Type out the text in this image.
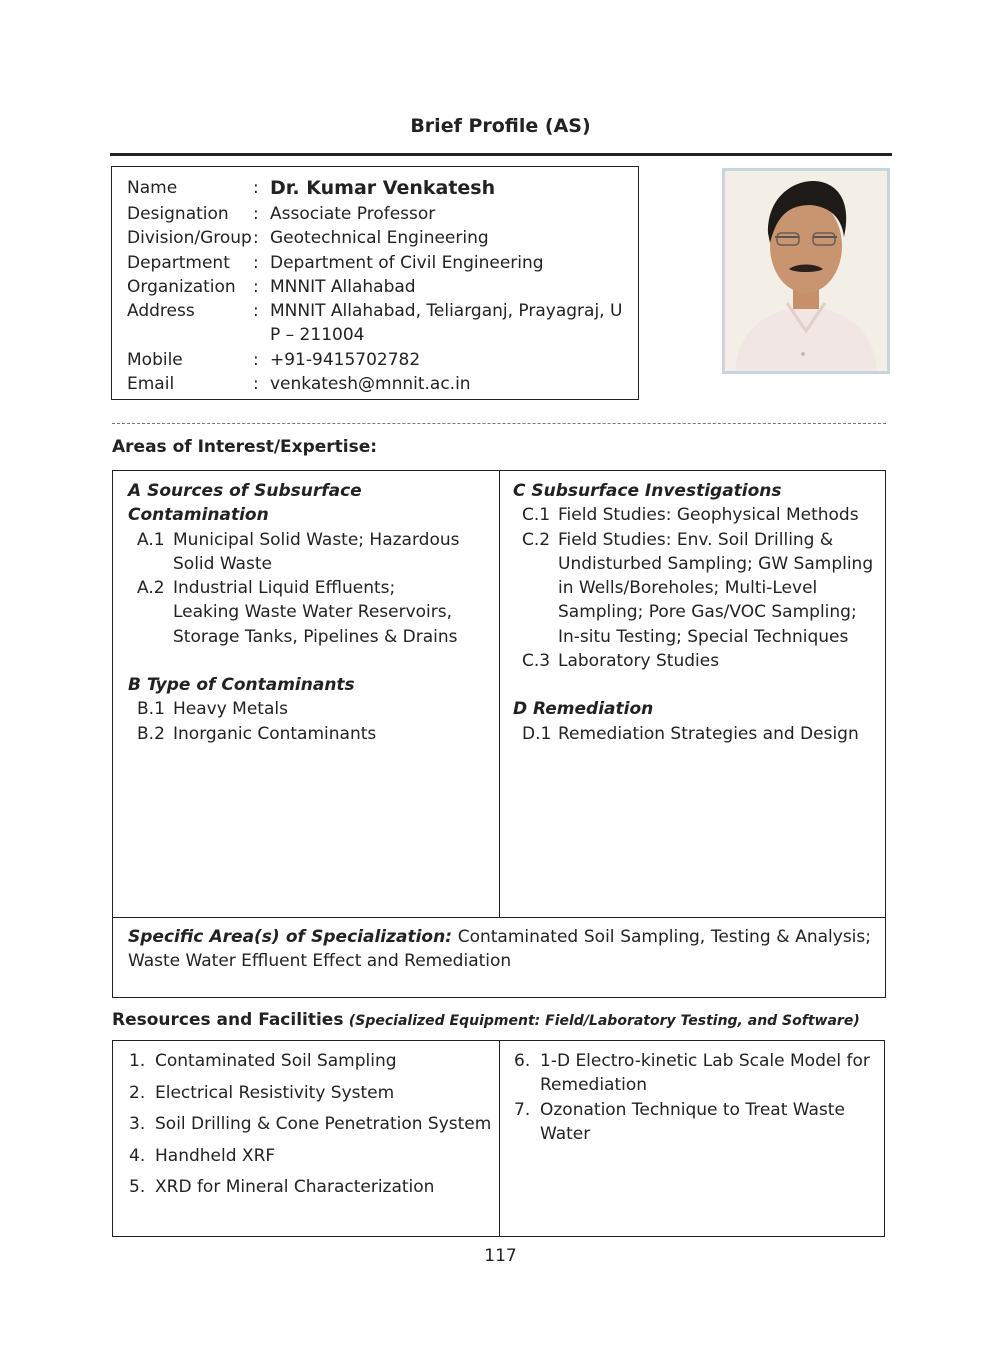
Brief Profile (AS)
Name	: Dr. Kumar Venkatesh
Designation	: Associate Professor
Division/Group : Geotechnical Engineering
Department	: Department of Civil Engineering
Organization	: MNNIT Allahabad
Address	: MNNIT Allahabad, Teliarganj, Prayagraj, U P – 211004
Mobile	: +91-9415702782
Email	: venkatesh@mnnit.ac.in
Areas of Interest/Expertise:
A Sources of Subsurface Contamination
A.1 Municipal Solid Waste; Hazardous Solid Waste
A.2 Industrial Liquid Effluents; Leaking Waste Water Reservoirs, Storage Tanks, Pipelines & Drains
B Type of Contaminants
B.1 Heavy Metals
B.2 Inorganic Contaminants
C Subsurface Investigations
C.1 Field Studies: Geophysical Methods
C.2 Field Studies: Env. Soil Drilling & Undisturbed Sampling; GW Sampling in Wells/Boreholes; Multi-Level Sampling; Pore Gas/VOC Sampling; In-situ Testing; Special Techniques
C.3 Laboratory Studies
D Remediation
D.1 Remediation Strategies and Design
Specific Area(s) of Specialization: Contaminated Soil Sampling, Testing & Analysis; Waste Water Effluent Effect and Remediation
Resources and Facilities (Specialized Equipment: Field/Laboratory Testing, and Software)
1. Contaminated Soil Sampling
2. Electrical Resistivity System
3. Soil Drilling & Cone Penetration System
4. Handheld XRF
5. XRD for Mineral Characterization
6. 1-D Electro-kinetic Lab Scale Model for Remediation
7. Ozonation Technique to Treat Waste Water
117
